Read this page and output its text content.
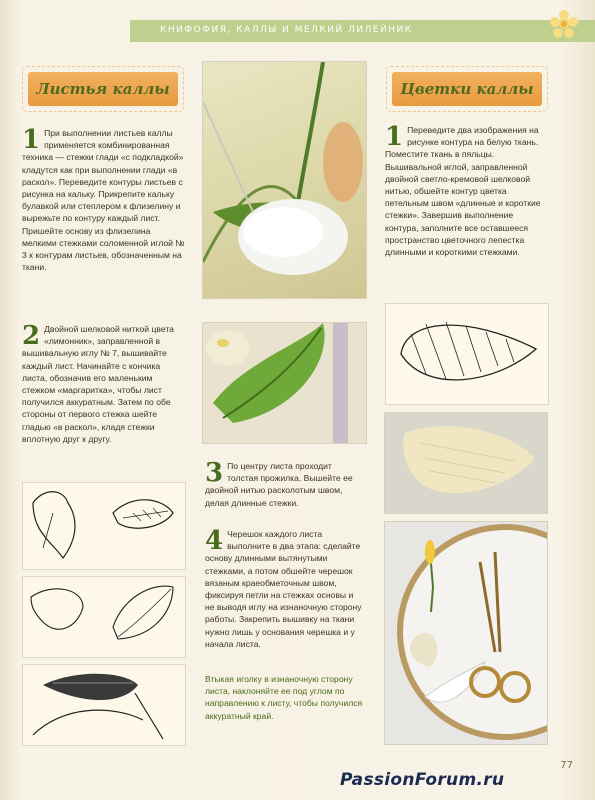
КНИФОФИЯ, КАЛЛЫ И МЕЛКИЙ ЛИЛЕЙНИК
Листья каллы
1 При выполнении листьев каллы применяется комбинированная техника — стежки глади «с подкладкой» кладутся как при выполнении глади «в раскол». Переведите контуры листьев с рисунка на кальку. Прикрепите кальку булавкой или степлером к флизелину и вырежьте по контуру каждый лист. Пришейте основу из флизелина мелкими стежками соломенной иглой № 3 к контурам листьев, обозначенным на ткани.
2 Двойной шелковой ниткой цвета «лимонник», заправленной в вышивальную иглу № 7, вышивайте каждый лист. Начинайте с кончика листа, обозначив его маленьким стежком «маргаритка», чтобы лист получился аккуратным. Затем по обе стороны от первого стежка шейте гладью «в раскол», кладя стежки вплотную друг к другу.
3 По центру листа проходит толстая прожилка. Вышейте ее двойной нитью расколотым швом, делая длинные стежки.
4 Черешок каждого листа выполните в два этапа: сделайте основу длинными вытянутыми стежками, а потом обшейте черешок вязаным краеобметочным швом, фиксируя петли на стежках основы и не выводя иглу на изнаночную сторону работы. Закрепить вышивку на ткани нужно лишь у основания черешка и у начала листа.
Втыкая иголку в изнаночную сторону листа, наклоняйте ее под углом по направлению к листу, чтобы получился аккуратный край.
Цветки каллы
1 Переведите два изображения на рисунке контура на белую ткань. Поместите ткань в пяльцы. Вышивальной иглой, заправленной двойной светло-кремовой шелковой нитью, обшейте контур цветка петельным швом «длинные и короткие стежки». Завершив выполнение контура, заполните все оставшееся пространство цветочного лепестка длинными и короткими стежками.
77
PassionForum.ru
